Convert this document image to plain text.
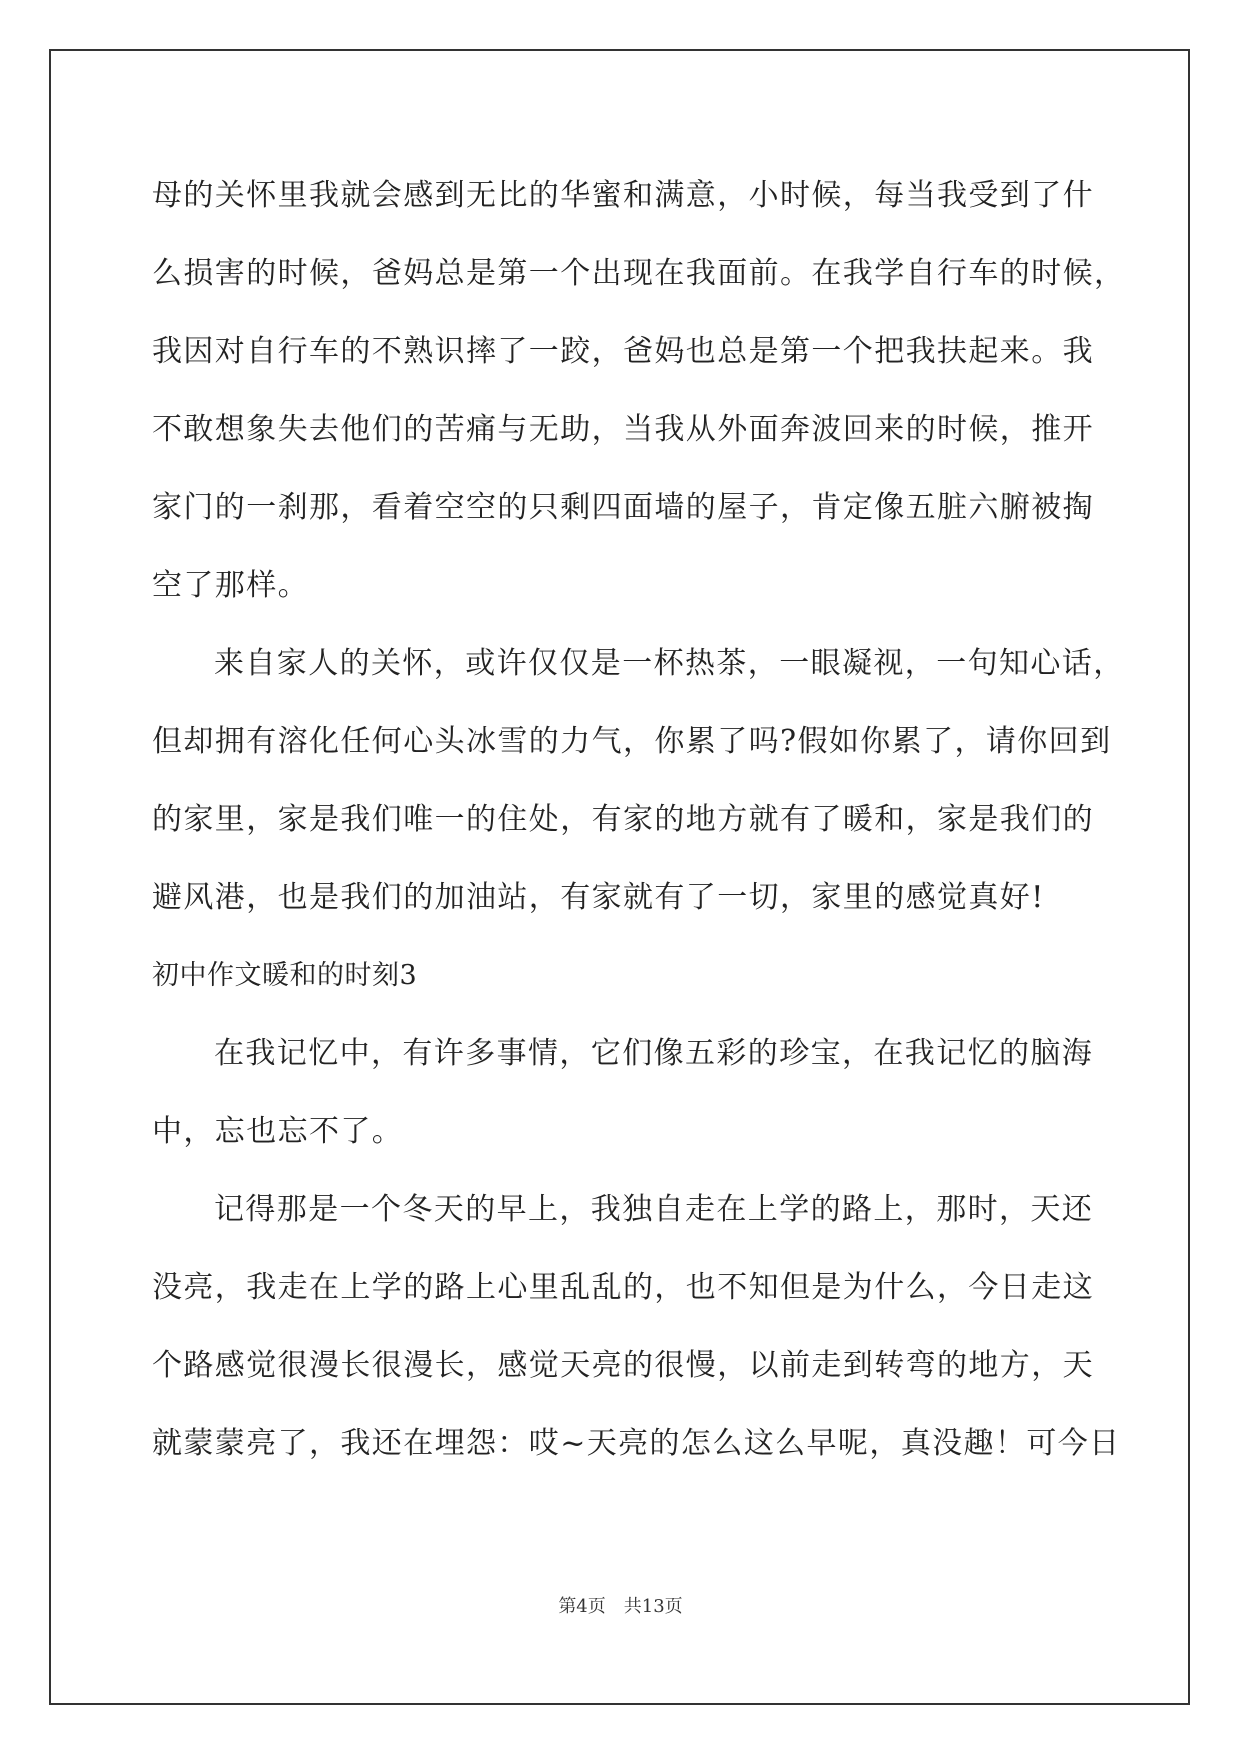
母的关怀里我就会感到无比的华蜜和满意，小时候，每当我受到了什
么损害的时候，爸妈总是第一个出现在我面前。在我学自行车的时候，
我因对自行车的不熟识摔了一跤，爸妈也总是第一个把我扶起来。我
不敢想象失去他们的苦痛与无助，当我从外面奔波回来的时候，推开
家门的一刹那，看着空空的只剩四面墙的屋子，肯定像五脏六腑被掏
空了那样。
来自家人的关怀，或许仅仅是一杯热茶，一眼凝视，一句知心话，
但却拥有溶化任何心头冰雪的力气，你累了吗?假如你累了，请你回到
的家里，家是我们唯一的住处，有家的地方就有了暖和，家是我们的
避风港，也是我们的加油站，有家就有了一切，家里的感觉真好!
初中作文暖和的时刻3
在我记忆中，有许多事情，它们像五彩的珍宝，在我记忆的脑海
中，忘也忘不了。
记得那是一个冬天的早上，我独自走在上学的路上，那时，天还
没亮，我走在上学的路上心里乱乱的，也不知但是为什么，今日走这
个路感觉很漫长很漫长，感觉天亮的很慢，以前走到转弯的地方，天
就蒙蒙亮了，我还在埋怨：哎~天亮的怎么这么早呢，真没趣！可今日
第4页 共13页
